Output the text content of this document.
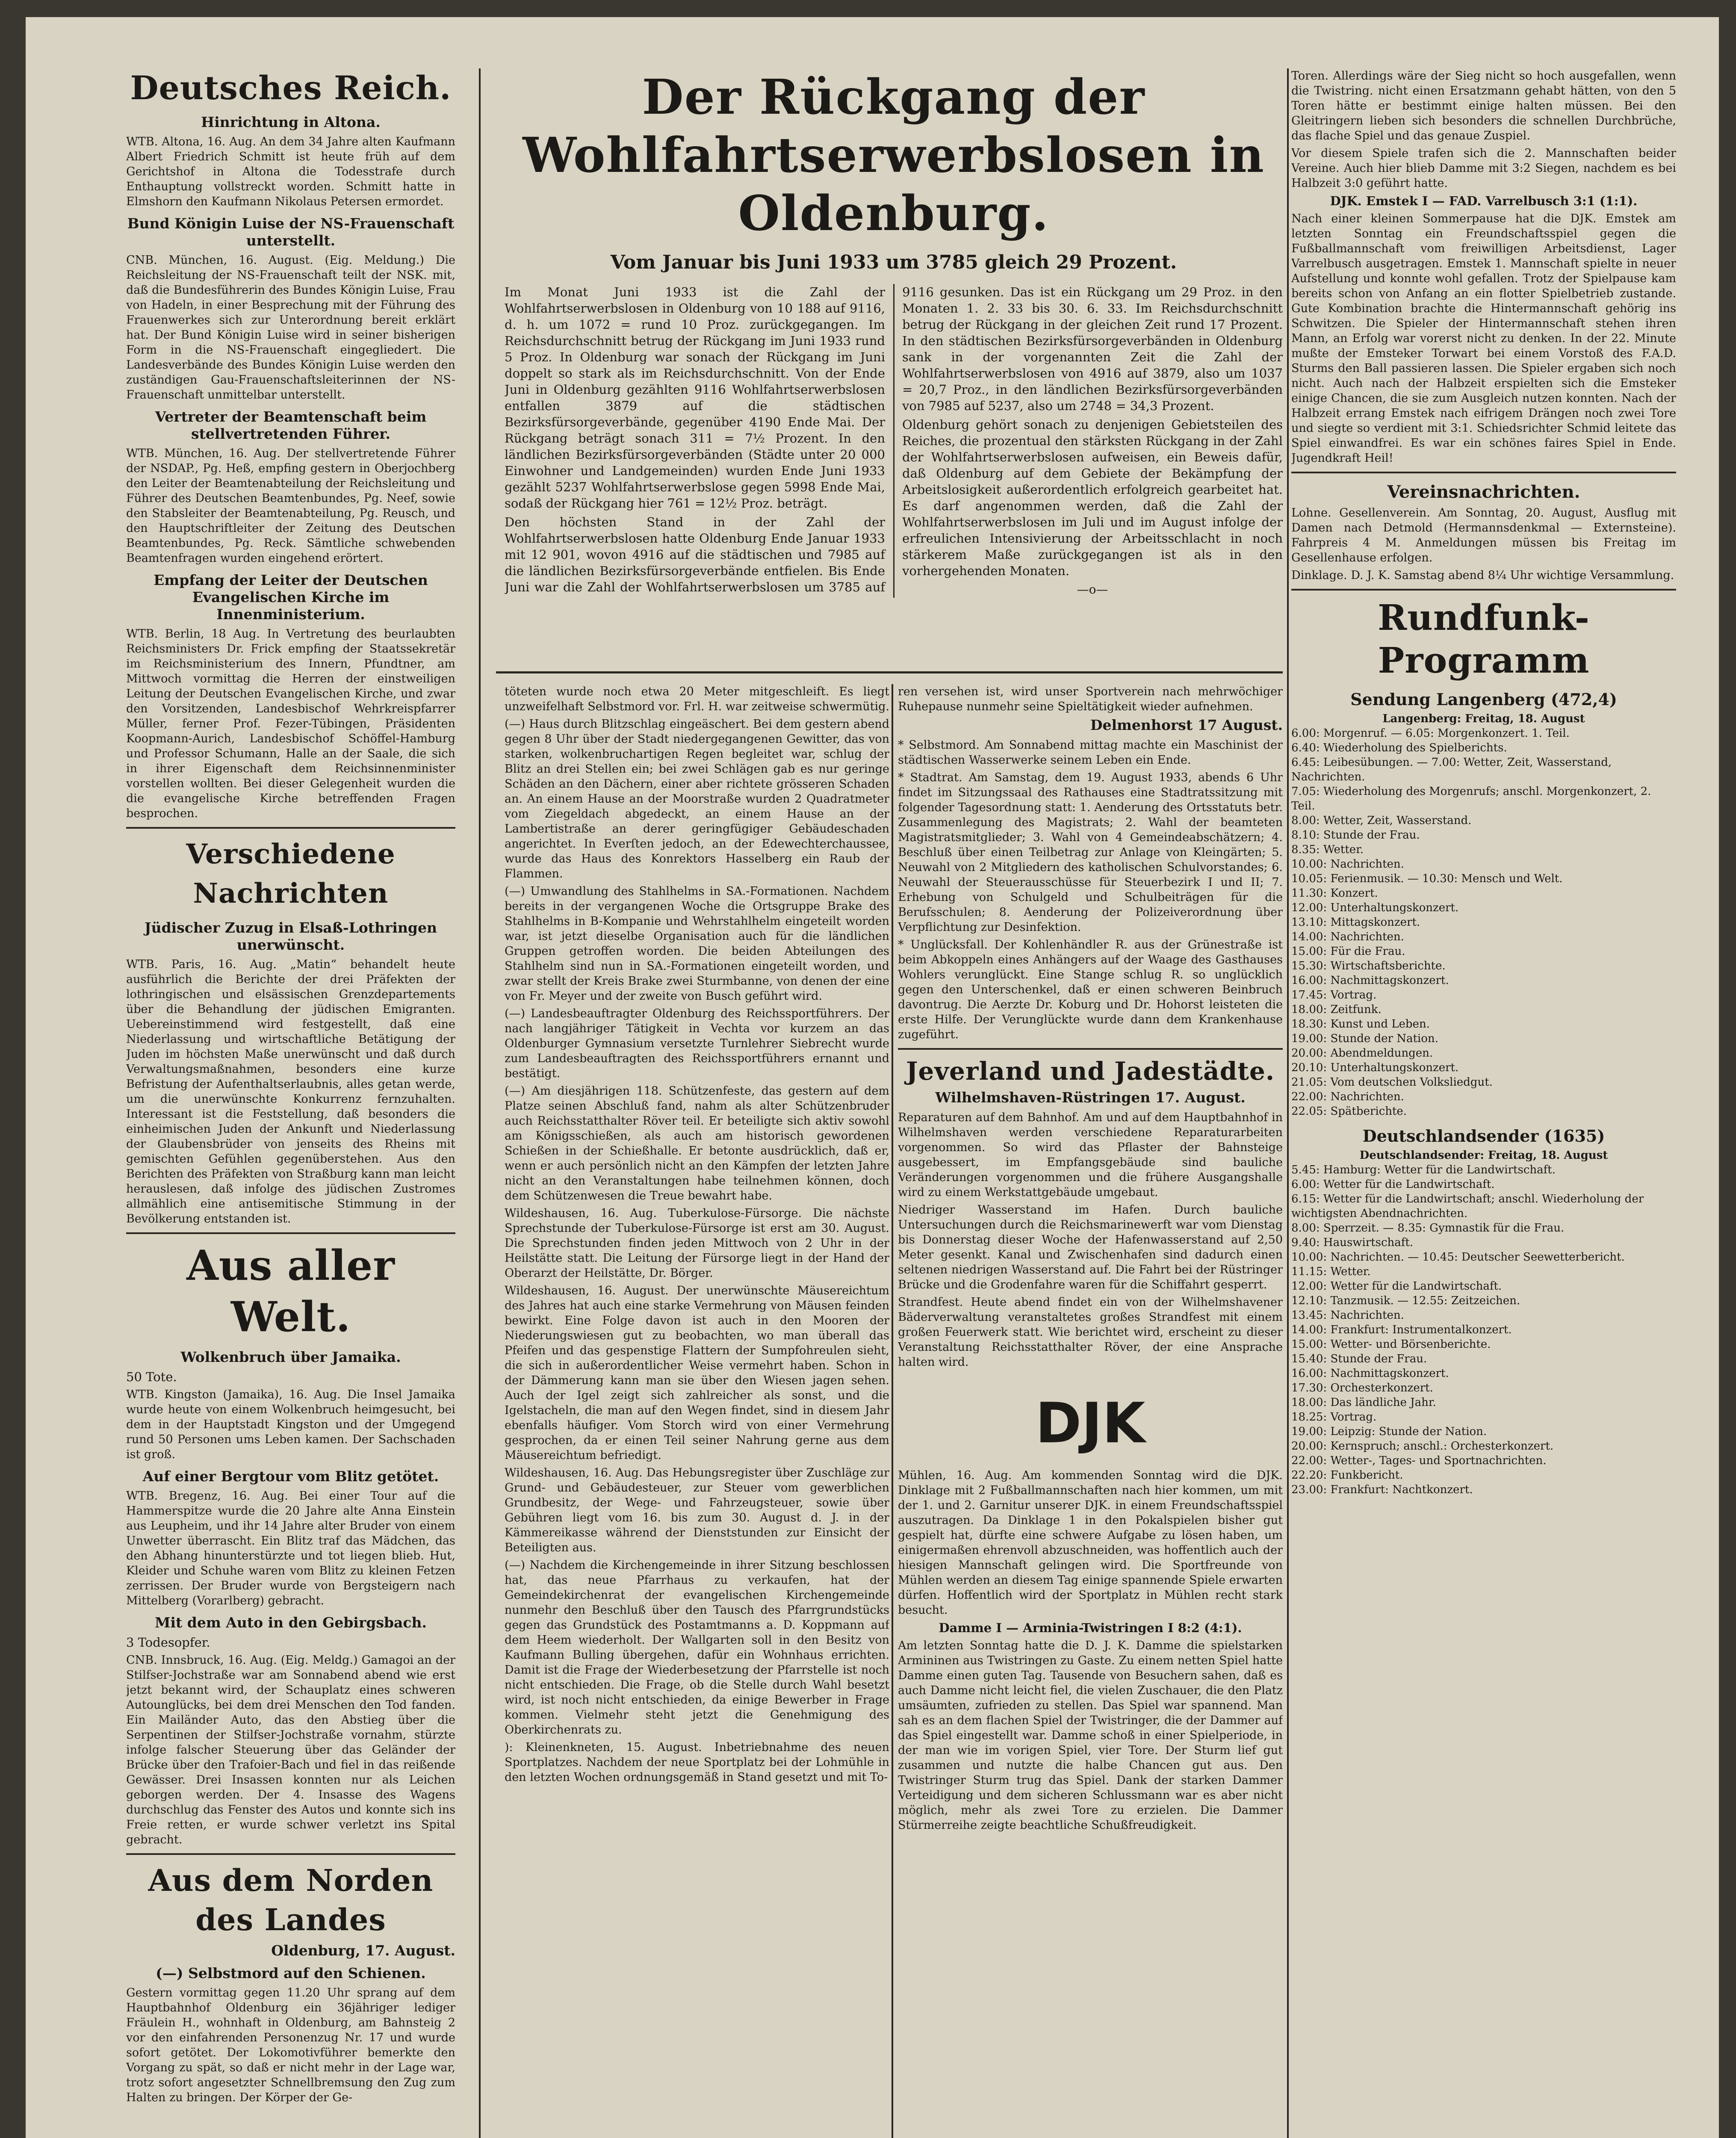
Deutsches Reich.
Hinrichtung in Altona.

WTB. Altona, 16. Aug. An dem 34 Jahre alten Kaufmann Albert Friedrich Schmitt ist heute früh auf dem Gerichtshof in Altona die Todesstrafe durch Enthauptung vollstreckt worden. Schmitt hatte in Elmshorn den Kaufmann Nikolaus Petersen ermordet.

Bund Königin Luise der NS-Frauenschaft unterstellt.

CNB. München, 16. August. (Eig. Meldung.) Die Reichsleitung der NS-Frauenschaft teilt der NSK. mit, daß die Bundesführerin des Bundes Königin Luise, Frau von Hadeln, in einer Besprechung mit der Führung des Frauenwerkes sich zur Unterordnung bereit erklärt hat. Der Bund Königin Luise wird in seiner bisherigen Form in die NS-Frauenschaft eingegliedert. Die Landesverbände des Bundes Königin Luise werden den zuständigen Gau-Frauenschaftsleiterinnen der NS-Frauenschaft unmittelbar unterstellt.

Vertreter der Beamtenschaft beim stellvertretenden Führer.

WTB. München, 16. Aug. Der stellvertretende Führer der NSDAP., Pg. Heß, empfing gestern in Oberjochberg den Leiter der Beamtenabteilung der Reichsleitung und Führer des Deutschen Beamtenbundes, Pg. Neef, sowie den Stabsleiter der Beamtenabteilung, Pg. Reusch, und den Hauptschriftleiter der Zeitung des Deutschen Beamtenbundes, Pg. Reck. Sämtliche schwebenden Beamtenfragen wurden eingehend erörtert.

Empfang der Leiter der Deutschen Evangelischen Kirche im Innenministerium.

WTB. Berlin, 18 Aug. In Vertretung des beurlaubten Reichsministers Dr. Frick empfing der Staatssekretär im Reichsministerium des Innern, Pfundtner, am Mittwoch vormittag die Herren der einstweiligen Leitung der Deutschen Evangelischen Kirche, und zwar den Vorsitzenden, Landesbischof Wehrkreispfarrer Müller, ferner Prof. Fezer-Tübingen, Präsidenten Koopmann-Aurich, Landesbischof Schöffel-Hamburg und Professor Schumann, Halle an der Saale, die sich in ihrer Eigenschaft dem Reichsinnenminister vorstellen wollten. Bei dieser Gelegenheit wurden die die evangelische Kirche betreffenden Fragen besprochen.

Verschiedene Nachrichten
Jüdischer Zuzug in Elsaß-Lothringen unerwünscht.

WTB. Paris, 16. Aug. „Matin“ behandelt heute ausführlich die Berichte der drei Präfekten der lothringischen und elsässischen Grenzdepartements über die Behandlung der jüdischen Emigranten. Uebereinstimmend wird festgestellt, daß eine Niederlassung und wirtschaftliche Betätigung der Juden im höchsten Maße unerwünscht und daß durch Verwaltungsmaßnahmen, besonders eine kurze Befristung der Aufenthaltserlaubnis, alles getan werde, um die unerwünschte Konkurrenz fernzuhalten. Interessant ist die Feststellung, daß besonders die einheimischen Juden der Ankunft und Niederlassung der Glaubensbrüder von jenseits des Rheins mit gemischten Gefühlen gegenüberstehen. Aus den Berichten des Präfekten von Straßburg kann man leicht herauslesen, daß infolge des jüdischen Zustromes allmählich eine antisemitische Stimmung in der Bevölkerung entstanden ist.

Aus aller Welt.
Wolkenbruch über Jamaika.
50 Tote.

WTB. Kingston (Jamaika), 16. Aug. Die Insel Jamaika wurde heute von einem Wolkenbruch heimgesucht, bei dem in der Hauptstadt Kingston und der Umgegend rund 50 Personen ums Leben kamen. Der Sachschaden ist groß.

Auf einer Bergtour vom Blitz getötet.

WTB. Bregenz, 16. Aug. Bei einer Tour auf die Hammerspitze wurde die 20 Jahre alte Anna Einstein aus Leupheim, und ihr 14 Jahre alter Bruder von einem Unwetter überrascht. Ein Blitz traf das Mädchen, das den Abhang hinunterstürzte und tot liegen blieb. Hut, Kleider und Schuhe waren vom Blitz zu kleinen Fetzen zerrissen. Der Bruder wurde von Bergsteigern nach Mittelberg (Vorarlberg) gebracht.

Mit dem Auto in den Gebirgsbach.
3 Todesopfer.

CNB. Innsbruck, 16. Aug. (Eig. Meldg.) Gamagoi an der Stilfser-Jochstraße war am Sonnabend abend wie erst jetzt bekannt wird, der Schauplatz eines schweren Autounglücks, bei dem drei Menschen den Tod fanden. Ein Mailänder Auto, das den Abstieg über die Serpentinen der Stilfser-Jochstraße vornahm, stürzte infolge falscher Steuerung über das Geländer der Brücke über den Trafoier-Bach und fiel in das reißende Gewässer. Drei Insassen konnten nur als Leichen geborgen werden. Der 4. Insasse des Wagens durchschlug das Fenster des Autos und konnte sich ins Freie retten, er wurde schwer verletzt ins Spital gebracht.

Aus dem Norden des Landes
Oldenburg, 17. August.
(—) Selbstmord auf den Schienen.

Gestern vormittag gegen 11.20 Uhr sprang auf dem Hauptbahnhof Oldenburg ein 36jähriger lediger Fräulein H., wohnhaft in Oldenburg, am Bahnsteig 2 vor den einfahrenden Personenzug Nr. 17 und wurde sofort getötet. Der Lokomotivführer bemerkte den Vorgang zu spät, so daß er nicht mehr in der Lage war, trotz sofort angesetzter Schnellbremsung den Zug zum Halten zu bringen. Der Körper der Ge-

Der Rückgang der Wohlfahrtserwerbslosen in Oldenburg.
Vom Januar bis Juni 1933 um 3785 gleich 29 Prozent.

Im Monat Juni 1933 ist die Zahl der Wohlfahrtserwerbslosen in Oldenburg von 10 188 auf 9116, d. h. um 1072 = rund 10 Proz. zurückgegangen. Im Reichsdurchschnitt betrug der Rückgang im Juni 1933 rund 5 Proz. In Oldenburg war sonach der Rückgang im Juni doppelt so stark als im Reichsdurchschnitt. Von der Ende Juni in Oldenburg gezählten 9116 Wohlfahrtserwerbslosen entfallen 3879 auf die städtischen Bezirksfürsorgeverbände, gegenüber 4190 Ende Mai. Der Rückgang beträgt sonach 311 = 7½ Prozent. In den ländlichen Bezirksfürsorgeverbänden (Städte unter 20 000 Einwohner und Landgemeinden) wurden Ende Juni 1933 gezählt 5237 Wohlfahrtserwerbslose gegen 5998 Ende Mai, sodaß der Rückgang hier 761 = 12½ Proz. beträgt.

Den höchsten Stand in der Zahl der Wohlfahrtserwerbslosen hatte Oldenburg Ende Januar 1933 mit 12 901, wovon 4916 auf die städtischen und 7985 auf die ländlichen Bezirksfürsorgeverbände entfielen. Bis Ende Juni war die Zahl der Wohlfahrtserwerbslosen um 3785 auf 9116 gesunken. Das ist ein Rückgang um 29 Proz. in den Monaten 1. 2. 33 bis 30. 6. 33. Im Reichsdurchschnitt betrug der Rückgang in der gleichen Zeit rund 17 Prozent. In den städtischen Bezirksfürsorgeverbänden in Oldenburg sank in der vorgenannten Zeit die Zahl der Wohlfahrtserwerbslosen von 4916 auf 3879, also um 1037 = 20,7 Proz., in den ländlichen Bezirksfürsorgeverbänden von 7985 auf 5237, also um 2748 = 34,3 Prozent.

Oldenburg gehört sonach zu denjenigen Gebietsteilen des Reiches, die prozentual den stärksten Rückgang in der Zahl der Wohlfahrtserwerbslosen aufweisen, ein Beweis dafür, daß Oldenburg auf dem Gebiete der Bekämpfung der Arbeitslosigkeit außerordentlich erfolgreich gearbeitet hat. Es darf angenommen werden, daß die Zahl der Wohlfahrtserwerbslosen im Juli und im August infolge der erfreulichen Intensivierung der Arbeitsschlacht in noch stärkerem Maße zurückgegangen ist als in den vorhergehenden Monaten.

—o—

töteten wurde noch etwa 20 Meter mitgeschleift. Es liegt unzweifelhaft Selbstmord vor. Frl. H. war zeitweise schwermütig.

(—) Haus durch Blitzschlag eingeäschert. Bei dem gestern abend gegen 8 Uhr über der Stadt niedergegangenen Gewitter, das von starken, wolkenbruchartigen Regen begleitet war, schlug der Blitz an drei Stellen ein; bei zwei Schlägen gab es nur geringe Schäden an den Dächern, einer aber richtete grösseren Schaden an. An einem Hause an der Moorstraße wurden 2 Quadratmeter vom Ziegeldach abgedeckt, an einem Hause an der Lambertistraße an derer geringfügiger Gebäudeschaden angerichtet. In Everſten jedoch, an der Edewechterchaussee, wurde das Haus des Konrektors Hasselberg ein Raub der Flammen.

(—) Umwandlung des Stahlhelms in SA.-Formationen. Nachdem bereits in der vergangenen Woche die Ortsgruppe Brake des Stahlhelms in B-Kompanie und Wehrstahlhelm eingeteilt worden war, ist jetzt dieselbe Organisation auch für die ländlichen Gruppen getroffen worden. Die beiden Abteilungen des Stahlhelm sind nun in SA.-Formationen eingeteilt worden, und zwar stellt der Kreis Brake zwei Sturmbanne, von denen der eine von Fr. Meyer und der zweite von Busch geführt wird.

(—) Landesbeauftragter Oldenburg des Reichssportführers. Der nach langjähriger Tätigkeit in Vechta vor kurzem an das Oldenburger Gymnasium versetzte Turnlehrer Siebrecht wurde zum Landesbeauftragten des Reichssportführers ernannt und bestätigt.

(—) Am diesjährigen 118. Schützenfeste, das gestern auf dem Platze seinen Abschluß fand, nahm als alter Schützenbruder auch Reichsstatthalter Röver teil. Er beteiligte sich aktiv sowohl am Königsschießen, als auch am historisch gewordenen Schießen in der Schießhalle. Er betonte ausdrücklich, daß er, wenn er auch persönlich nicht an den Kämpfen der letzten Jahre nicht an den Veranstaltungen habe teilnehmen können, doch dem Schützenwesen die Treue bewahrt habe.

Wildeshausen, 16. Aug. Tuberkulose-Fürsorge. Die nächste Sprechstunde der Tuberkulose-Fürsorge ist erst am 30. August. Die Sprechstunden finden jeden Mittwoch von 2 Uhr in der Heilstätte statt. Die Leitung der Fürsorge liegt in der Hand der Oberarzt der Heilstätte, Dr. Börger.

Wildeshausen, 16. August. Der unerwünschte Mäusereichtum des Jahres hat auch eine starke Vermehrung von Mäusen feinden bewirkt. Eine Folge davon ist auch in den Mooren der Niederungswiesen gut zu beobachten, wo man überall das Pfeifen und das gespenstige Flattern der Sumpfohreulen sieht, die sich in außerordentlicher Weise vermehrt haben. Schon in der Dämmerung kann man sie über den Wiesen jagen sehen. Auch der Igel zeigt sich zahlreicher als sonst, und die Igelstacheln, die man auf den Wegen findet, sind in diesem Jahr ebenfalls häufiger. Vom Storch wird von einer Vermehrung gesprochen, da er einen Teil seiner Nahrung gerne aus dem Mäusereichtum befriedigt.

Wildeshausen, 16. Aug. Das Hebungsregister über Zuschläge zur Grund- und Gebäudesteuer, zur Steuer vom gewerblichen Grundbesitz, der Wege- und Fahrzeugsteuer, sowie über Gebühren liegt vom 16. bis zum 30. August d. J. in der Kämmereikasse während der Dienststunden zur Einsicht der Beteiligten aus.

(—) Nachdem die Kirchengemeinde in ihrer Sitzung beschlossen hat, das neue Pfarrhaus zu verkaufen, hat der Gemeindekirchenrat der evangelischen Kirchengemeinde nunmehr den Beschluß über den Tausch des Pfarrgrundstücks gegen das Grundstück des Postamtmanns a. D. Koppmann auf dem Heem wiederholt. Der Wallgarten soll in den Besitz von Kaufmann Bulling übergehen, dafür ein Wohnhaus errichten. Damit ist die Frage der Wiederbesetzung der Pfarrstelle ist noch nicht entschieden. Die Frage, ob die Stelle durch Wahl besetzt wird, ist noch nicht entschieden, da einige Bewerber in Frage kommen. Vielmehr steht jetzt die Genehmigung des Oberkirchenrats zu.

): Kleinenkneten, 15. August. Inbetriebnahme des neuen Sportplatzes. Nachdem der neue Sportplatz bei der Lohmühle in den letzten Wochen ordnungsgemäß in Stand gesetzt und mit To-

ren versehen ist, wird unser Sportverein nach mehrwöchiger Ruhepause nunmehr seine Spieltätigkeit wieder aufnehmen.

Delmenhorst 17 August.

* Selbstmord. Am Sonnabend mittag machte ein Maschinist der städtischen Wasserwerke seinem Leben ein Ende.

* Stadtrat. Am Samstag, dem 19. August 1933, abends 6 Uhr findet im Sitzungssaal des Rathauses eine Stadtratssitzung mit folgender Tagesordnung statt: 1. Aenderung des Ortsstatuts betr. Zusammenlegung des Magistrats; 2. Wahl der beamteten Magistratsmitglieder; 3. Wahl von 4 Gemeindeabschätzern; 4. Beschluß über einen Teilbetrag zur Anlage von Kleingärten; 5. Neuwahl von 2 Mitgliedern des katholischen Schulvorstandes; 6. Neuwahl der Steuerausschüsse für Steuerbezirk I und II; 7. Erhebung von Schulgeld und Schulbeiträgen für die Berufsschulen; 8. Aenderung der Polizeiverordnung über Verpflichtung zur Desinfektion.

* Unglücksfall. Der Kohlenhändler R. aus der Grünestraße ist beim Abkoppeln eines Anhängers auf der Waage des Gasthauses Wohlers verunglückt. Eine Stange schlug R. so unglücklich gegen den Unterschenkel, daß er einen schweren Beinbruch davontrug. Die Aerzte Dr. Koburg und Dr. Hohorst leisteten die erste Hilfe. Der Verunglückte wurde dann dem Krankenhause zugeführt.

Jeverland und Jadestädte.
Wilhelmshaven-Rüstringen 17. August.

Reparaturen auf dem Bahnhof. Am und auf dem Hauptbahnhof in Wilhelmshaven werden verschiedene Reparaturarbeiten vorgenommen. So wird das Pflaster der Bahnsteige ausgebessert, im Empfangsgebäude sind bauliche Veränderungen vorgenommen und die frühere Ausgangshalle wird zu einem Werkstattgebäude umgebaut.

Niedriger Wasserstand im Hafen. Durch bauliche Untersuchungen durch die Reichsmarinewerft war vom Dienstag bis Donnerstag dieser Woche der Hafenwasserstand auf 2,50 Meter gesenkt. Kanal und Zwischenhafen sind dadurch einen seltenen niedrigen Wasserstand auf. Die Fahrt bei der Rüstringer Brücke und die Grodenfahre waren für die Schiffahrt gesperrt.

Strandfest. Heute abend findet ein von der Wilhelmshavener Bäderverwaltung veranstaltetes großes Strandfest mit einem großen Feuerwerk statt. Wie berichtet wird, erscheint zu dieser Veranstaltung Reichsstatthalter Röver, der eine Ansprache halten wird.

DJK

Mühlen, 16. Aug. Am kommenden Sonntag wird die DJK. Dinklage mit 2 Fußballmannschaften nach hier kommen, um mit der 1. und 2. Garnitur unserer DJK. in einem Freundschaftsspiel auszutragen. Da Dinklage 1 in den Pokalspielen bisher gut gespielt hat, dürfte eine schwere Aufgabe zu lösen haben, um einigermaßen ehrenvoll abzuschneiden, was hoffentlich auch der hiesigen Mannschaft gelingen wird. Die Sportfreunde von Mühlen werden an diesem Tag einige spannende Spiele erwarten dürfen. Hoffentlich wird der Sportplatz in Mühlen recht stark besucht.

Damme I — Arminia-Twistringen I 8:2 (4:1).

Am letzten Sonntag hatte die D. J. K. Damme die spielstarken Armininen aus Twistringen zu Gaste. Zu einem netten Spiel hatte Damme einen guten Tag. Tausende von Besuchern sahen, daß es auch Damme nicht leicht fiel, die vielen Zuschauer, die den Platz umsäumten, zufrieden zu stellen. Das Spiel war spannend. Man sah es an dem flachen Spiel der Twistringer, die der Dammer auf das Spiel eingestellt war. Damme schoß in einer Spielperiode, in der man wie im vorigen Spiel, vier Tore. Der Sturm lief gut zusammen und nutzte die halbe Chancen gut aus. Den Twistringer Sturm trug das Spiel. Dank der starken Dammer Verteidigung und dem sicheren Schlussmann war es aber nicht möglich, mehr als zwei Tore zu erzielen. Die Dammer Stürmerreihe zeigte beachtliche Schußfreudigkeit.

Toren. Allerdings wäre der Sieg nicht so hoch ausgefallen, wenn die Twistring. nicht einen Ersatzmann gehabt hätten, von den 5 Toren hätte er bestimmt einige halten müssen. Bei den Gleitringern lieben sich besonders die schnellen Durchbrüche, das flache Spiel und das genaue Zuspiel.

Vor diesem Spiele trafen sich die 2. Mannschaften beider Vereine. Auch hier blieb Damme mit 3:2 Siegen, nachdem es bei Halbzeit 3:0 geführt hatte.

DJK. Emstek I — FAD. Varrelbusch 3:1 (1:1).

Nach einer kleinen Sommerpause hat die DJK. Emstek am letzten Sonntag ein Freundschaftsspiel gegen die Fußballmannschaft vom freiwilligen Arbeitsdienst, Lager Varrelbusch ausgetragen. Emstek 1. Mannschaft spielte in neuer Aufstellung und konnte wohl gefallen. Trotz der Spielpause kam bereits schon von Anfang an ein flotter Spielbetrieb zustande. Gute Kombination brachte die Hintermannschaft gehörig ins Schwitzen. Die Spieler der Hintermannschaft stehen ihren Mann, an Erfolg war vorerst nicht zu denken. In der 22. Minute mußte der Emsteker Torwart bei einem Vorstoß des F.A.D. Sturms den Ball passieren lassen. Die Spieler ergaben sich noch nicht. Auch nach der Halbzeit erspielten sich die Emsteker einige Chancen, die sie zum Ausgleich nutzen konnten. Nach der Halbzeit errang Emstek nach eifrigem Drängen noch zwei Tore und siegte so verdient mit 3:1. Schiedsrichter Schmid leitete das Spiel einwandfrei. Es war ein schönes faires Spiel in Ende. Jugendkraft Heil!

Vereinsnachrichten.

Lohne. Gesellenverein. Am Sonntag, 20. August, Ausflug mit Damen nach Detmold (Hermannsdenkmal — Externsteine). Fahrpreis 4 M. Anmeldungen müssen bis Freitag im Gesellenhause erfolgen.

Dinklage. D. J. K. Samstag abend 8¼ Uhr wichtige Versammlung.

Rundfunk-Programm
Sendung Langenberg (472,4)
Langenberg: Freitag, 18. August
6.00: Morgenruf. — 6.05: Morgenkonzert. 1. Teil.
6.40: Wiederholung des Spielberichts.
6.45: Leibesübungen. — 7.00: Wetter, Zeit, Wasserstand, Nachrichten.
7.05: Wiederholung des Morgenrufs; anschl. Morgenkonzert, 2. Teil.
8.00: Wetter, Zeit, Wasserstand.
8.10: Stunde der Frau.
8.35: Wetter.
10.00: Nachrichten.
10.05: Ferienmusik. — 10.30: Mensch und Welt.
11.30: Konzert.
12.00: Unterhaltungskonzert.
13.10: Mittagskonzert.
14.00: Nachrichten.
15.00: Für die Frau.
15.30: Wirtschaftsberichte.
16.00: Nachmittagskonzert.
17.45: Vortrag.
18.00: Zeitfunk.
18.30: Kunst und Leben.
19.00: Stunde der Nation.
20.00: Abendmeldungen.
20.10: Unterhaltungskonzert.
21.05: Vom deutschen Volksliedgut.
22.00: Nachrichten.
22.05: Spätberichte.
Deutschlandsender (1635)
Deutschlandsender: Freitag, 18. August
5.45: Hamburg: Wetter für die Landwirtschaft.
6.00: Wetter für die Landwirtschaft.
6.15: Wetter für die Landwirtschaft; anschl. Wiederholung der wichtigsten Abendnachrichten.
8.00: Sperrzeit. — 8.35: Gymnastik für die Frau.
9.40: Hauswirtschaft.
10.00: Nachrichten. — 10.45: Deutscher Seewetterbericht.
11.15: Wetter.
12.00: Wetter für die Landwirtschaft.
12.10: Tanzmusik. — 12.55: Zeitzeichen.
13.45: Nachrichten.
14.00: Frankfurt: Instrumentalkonzert.
15.00: Wetter- und Börsenberichte.
15.40: Stunde der Frau.
16.00: Nachmittagskonzert.
17.30: Orchesterkonzert.
18.00: Das ländliche Jahr.
18.25: Vortrag.
19.00: Leipzig: Stunde der Nation.
20.00: Kernspruch; anschl.: Orchesterkonzert.
22.00: Wetter-, Tages- und Sportnachrichten.
22.20: Funkbericht.
23.00: Frankfurt: Nachtkonzert.
